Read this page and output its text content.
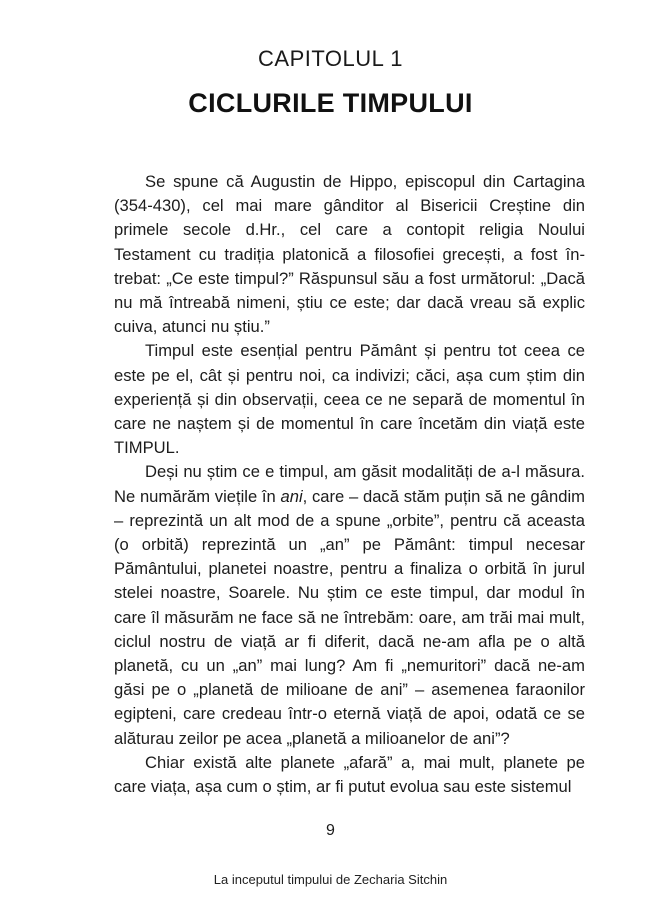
CAPITOLUL 1
CICLURILE TIMPULUI

Se spune că Augustin de Hippo, episcopul din Cartagina (354-430), cel mai mare gânditor al Bisericii Creștine din primele secole d.Hr., cel care a contopit religia Noului Testament cu tradiția platonică a filosofiei grecești, a fost întrebat: „Ce este timpul?” Răspunsul său a fost următorul: „Dacă nu mă întreabă nimeni, știu ce este; dar dacă vreau să explic cuiva, atunci nu știu.”

Timpul este esențial pentru Pământ și pentru tot ceea ce este pe el, cât și pentru noi, ca indivizi; căci, așa cum știm din experiență și din observații, ceea ce ne separă de momentul în care ne naștem și de momentul în care încetăm din viață este TIMPUL.

Deși nu știm ce e timpul, am găsit modalități de a-l măsura. Ne numărăm viețile în ani, care – dacă stăm puțin să ne gândim – reprezintă un alt mod de a spune „orbite”, pentru că aceasta (o orbită) reprezintă un „an” pe Pământ: timpul necesar Pământului, planetei noastre, pentru a finaliza o orbită în jurul stelei noastre, Soarele. Nu știm ce este timpul, dar modul în care îl măsurăm ne face să ne întrebăm: oare, am trăi mai mult, ciclul nostru de viață ar fi diferit, dacă ne-am afla pe o altă planetă, cu un „an” mai lung? Am fi „nemuritori” dacă ne-am găsi pe o „planetă de milioane de ani” – asemenea faraonilor egipteni, care credeau într-o eternă viață de apoi, odată ce se alăturau zeilor pe acea „planetă a milioanelor de ani”?

Chiar există alte planete „afară” a, mai mult, planete pe care viața, așa cum o știm, ar fi putut evolua sau este sistemul

9
La inceputul timpului de Zecharia Sitchin
